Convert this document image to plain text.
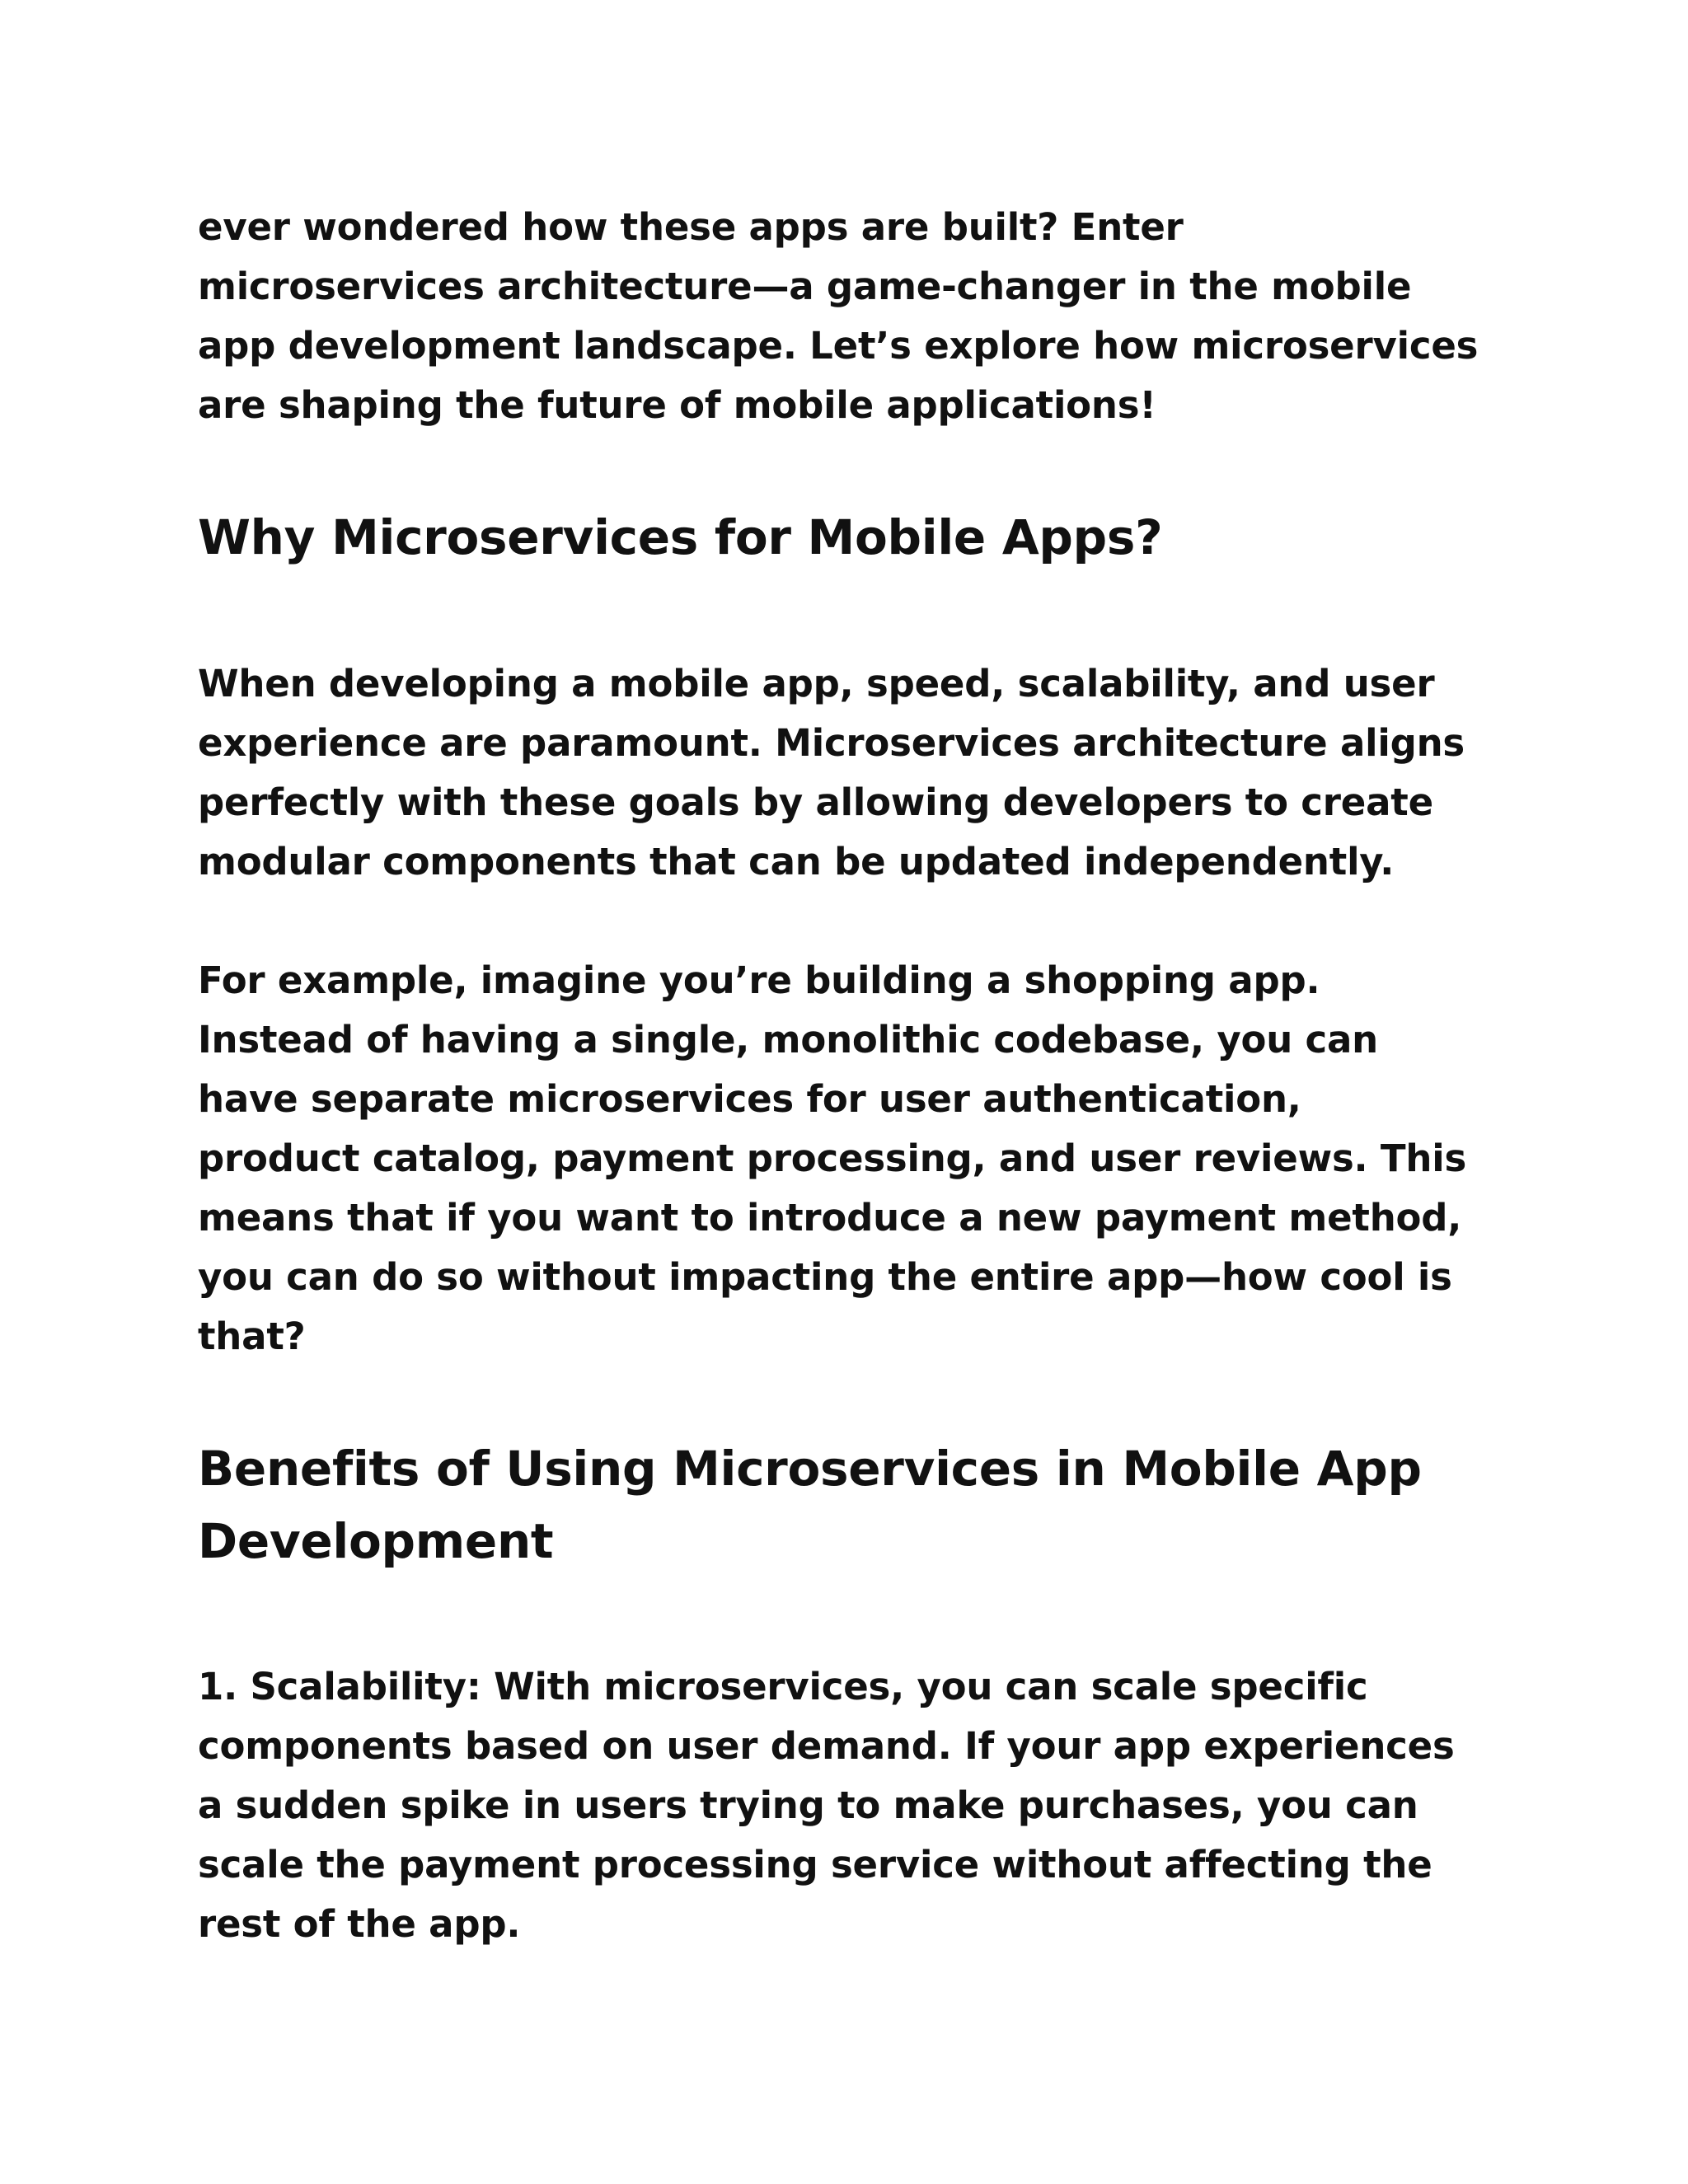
ever wondered how these apps are built? Enter
microservices architecture—a game-changer in the mobile
app development landscape. Let’s explore how microservices
are shaping the future of mobile applications!

Why Microservices for Mobile Apps?

When developing a mobile app, speed, scalability, and user
experience are paramount. Microservices architecture aligns
perfectly with these goals by allowing developers to create
modular components that can be updated independently.

For example, imagine you’re building a shopping app.
Instead of having a single, monolithic codebase, you can
have separate microservices for user authentication,
product catalog, payment processing, and user reviews. This
means that if you want to introduce a new payment method,
you can do so without impacting the entire app—how cool is
that?

Benefits of Using Microservices in Mobile App
Development

1. Scalability: With microservices, you can scale specific
components based on user demand. If your app experiences
a sudden spike in users trying to make purchases, you can
scale the payment processing service without affecting the
rest of the app.
